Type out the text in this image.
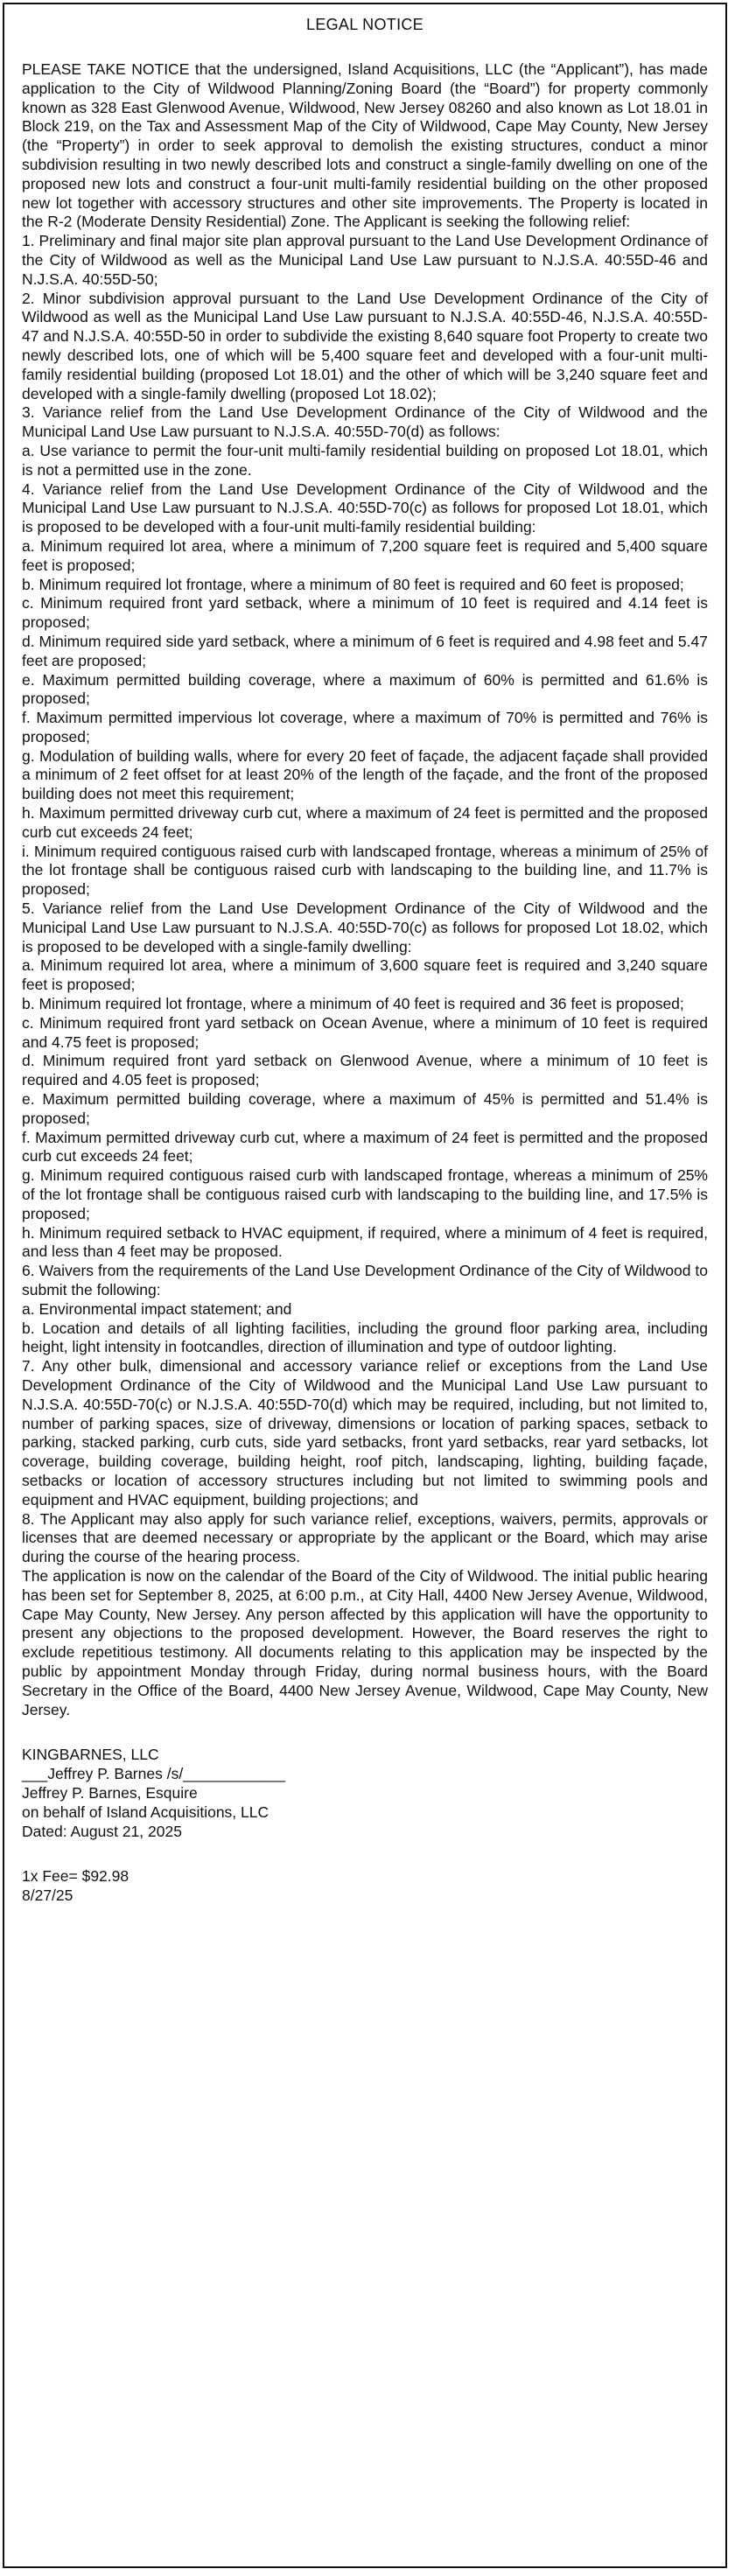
LEGAL NOTICE

PLEASE TAKE NOTICE that the undersigned, Island Acquisitions, LLC (the “Applicant”), has made application to the City of Wildwood Planning/Zoning Board (the “Board”) for property commonly known as 328 East Glenwood Avenue, Wildwood, New Jersey 08260 and also known as Lot 18.01 in Block 219, on the Tax and Assessment Map of the City of Wildwood, Cape May County, New Jersey (the “Property”) in order to seek approval to demolish the existing structures, conduct a minor subdivision resulting in two newly described lots and construct a single-family dwelling on one of the proposed new lots and construct a four-unit multi-family residential building on the other proposed new lot together with accessory structures and other site improvements. The Property is located in the R-2 (Moderate Density Residential) Zone. The Applicant is seeking the following relief:

1. Preliminary and final major site plan approval pursuant to the Land Use Development Ordinance of the City of Wildwood as well as the Municipal Land Use Law pursuant to N.J.S.A. 40:55D-46 and N.J.S.A. 40:55D-50;

2. Minor subdivision approval pursuant to the Land Use Development Ordinance of the City of Wildwood as well as the Municipal Land Use Law pursuant to N.J.S.A. 40:55D-46, N.J.S.A. 40:55D-47 and N.J.S.A. 40:55D-50 in order to subdivide the existing 8,640 square foot Property to create two newly described lots, one of which will be 5,400 square feet and developed with a four-unit multi-family residential building (proposed Lot 18.01) and the other of which will be 3,240 square feet and developed with a single-family dwelling (proposed Lot 18.02);

3. Variance relief from the Land Use Development Ordinance of the City of Wildwood and the Municipal Land Use Law pursuant to N.J.S.A. 40:55D-70(d) as follows:

a. Use variance to permit the four-unit multi-family residential building on proposed Lot 18.01, which is not a permitted use in the zone.

4. Variance relief from the Land Use Development Ordinance of the City of Wildwood and the Municipal Land Use Law pursuant to N.J.S.A. 40:55D-70(c) as follows for proposed Lot 18.01, which is proposed to be developed with a four-unit multi-family residential building:

a. Minimum required lot area, where a minimum of 7,200 square feet is required and 5,400 square feet is proposed;

b. Minimum required lot frontage, where a minimum of 80 feet is required and 60 feet is proposed;

c. Minimum required front yard setback, where a minimum of 10 feet is required and 4.14 feet is proposed;

d. Minimum required side yard setback, where a minimum of 6 feet is required and 4.98 feet and 5.47 feet are proposed;

e. Maximum permitted building coverage, where a maximum of 60% is permitted and 61.6% is proposed;

f. Maximum permitted impervious lot coverage, where a maximum of 70% is permitted and 76% is proposed;

g. Modulation of building walls, where for every 20 feet of façade, the adjacent façade shall provided a minimum of 2 feet offset for at least 20% of the length of the façade, and the front of the proposed building does not meet this requirement;

h. Maximum permitted driveway curb cut, where a maximum of 24 feet is permitted and the proposed curb cut exceeds 24 feet;

i. Minimum required contiguous raised curb with landscaped frontage, whereas a minimum of 25% of the lot frontage shall be contiguous raised curb with landscaping to the building line, and 11.7% is proposed;

5. Variance relief from the Land Use Development Ordinance of the City of Wildwood and the Municipal Land Use Law pursuant to N.J.S.A. 40:55D-70(c) as follows for proposed Lot 18.02, which is proposed to be developed with a single-family dwelling:

a. Minimum required lot area, where a minimum of 3,600 square feet is required and 3,240 square feet is proposed;

b. Minimum required lot frontage, where a minimum of 40 feet is required and 36 feet is proposed;

c. Minimum required front yard setback on Ocean Avenue, where a minimum of 10 feet is required and 4.75 feet is proposed;

d. Minimum required front yard setback on Glenwood Avenue, where a minimum of 10 feet is required and 4.05 feet is proposed;

e. Maximum permitted building coverage, where a maximum of 45% is permitted and 51.4% is proposed;

f. Maximum permitted driveway curb cut, where a maximum of 24 feet is permitted and the proposed curb cut exceeds 24 feet;

g. Minimum required contiguous raised curb with landscaped frontage, whereas a minimum of 25% of the lot frontage shall be contiguous raised curb with landscaping to the building line, and 17.5% is proposed;

h. Minimum required setback to HVAC equipment, if required, where a minimum of 4 feet is required, and less than 4 feet may be proposed.

6. Waivers from the requirements of the Land Use Development Ordinance of the City of Wildwood to submit the following:

a. Environmental impact statement; and

b. Location and details of all lighting facilities, including the ground floor parking area, including height, light intensity in footcandles, direction of illumination and type of outdoor lighting.

7. Any other bulk, dimensional and accessory variance relief or exceptions from the Land Use Development Ordinance of the City of Wildwood and the Municipal Land Use Law pursuant to N.J.S.A. 40:55D-70(c) or N.J.S.A. 40:55D-70(d) which may be required, including, but not limited to, number of parking spaces, size of driveway, dimensions or location of parking spaces, setback to parking, stacked parking, curb cuts, side yard setbacks, front yard setbacks, rear yard setbacks, lot coverage, building coverage, building height, roof pitch, landscaping, lighting, building façade, setbacks or location of accessory structures including but not limited to swimming pools and equipment and HVAC equipment, building projections; and

8. The Applicant may also apply for such variance relief, exceptions, waivers, permits, approvals or licenses that are deemed necessary or appropriate by the applicant or the Board, which may arise during the course of the hearing process.

The application is now on the calendar of the Board of the City of Wildwood. The initial public hearing has been set for September 8, 2025, at 6:00 p.m., at City Hall, 4400 New Jersey Avenue, Wildwood, Cape May County, New Jersey. Any person affected by this application will have the opportunity to present any objections to the proposed development. However, the Board reserves the right to exclude repetitious testimony. All documents relating to this application may be inspected by the public by appointment Monday through Friday, during normal business hours, with the Board Secretary in the Office of the Board, 4400 New Jersey Avenue, Wildwood, Cape May County, New Jersey.

KINGBARNES, LLC

___Jeffrey P. Barnes /s/____________

Jeffrey P. Barnes, Esquire

on behalf of Island Acquisitions, LLC

Dated: August 21, 2025

1x Fee= $92.98

8/27/25
